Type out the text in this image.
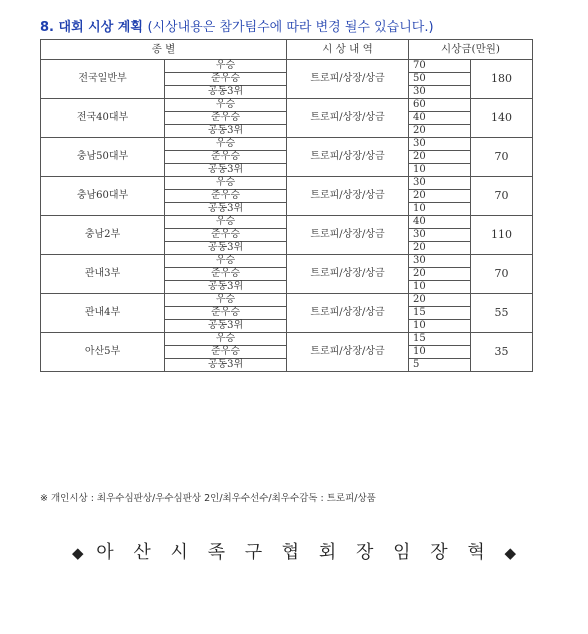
8. 대회 시상 계획 (시상내용은 참가팀수에 따라 변경 될수 있습니다.)
종 별		시 상 내 역	시상금(만원)	
전국일반부	우승	트로피/상장/상금	70	180
	준우승		50	
	공동3위		30	
전국40대부	우승	트로피/상장/상금	60	140
	준우승		40	
	공동3위		20	
충남50대부	우승	트로피/상장/상금	30	70
	준우승		20	
	공동3위		10	
충남60대부	우승	트로피/상장/상금	30	70
	준우승		20	
	공동3위		10	
충남2부	우승	트로피/상장/상금	40	110
	준우승		30	
	공동3위		20	
관내3부	우승	트로피/상장/상금	30	70
	준우승		20	
	공동3위		10	
관내4부	우승	트로피/상장/상금	20	55
	준우승		15	
	공동3위		10	
아산5부	우승	트로피/상장/상금	15	35
	준우승		10	
	공동3위		5	
※ 개인시상 : 최우수심판상/우수심판상 2인/최우수선수/최우수감독 : 트로피/상품
◆ 아 산 시 족 구 협 회 장 임 장 혁 ◆
